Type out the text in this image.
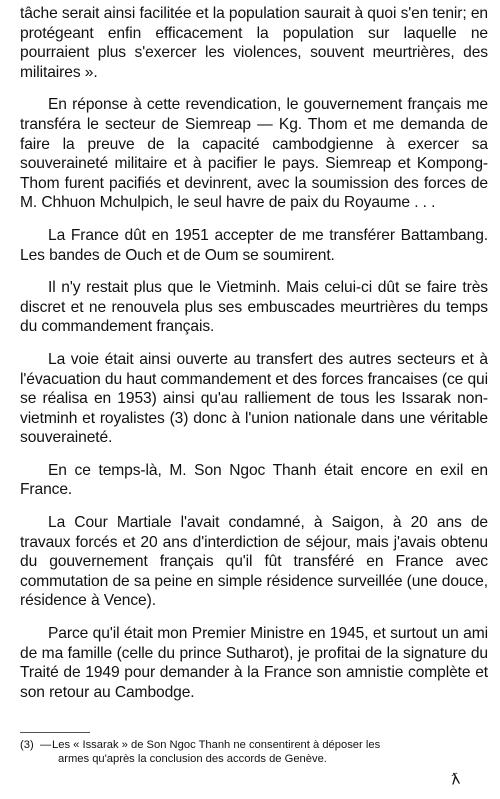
tâche serait ainsi facilitée et la population saurait à quoi s'en tenir; en protégeant enfin efficacement la population sur laquelle ne pourraient plus s'exercer les violences, souvent meurtrières, des militaires ».

En réponse à cette revendication, le gouvernement français me transféra le secteur de Siemreap — Kg. Thom et me demanda de faire la preuve de la capacité cambodgienne à exercer sa souveraineté militaire et à pacifier le pays. Siemreap et Kompong-Thom furent pacifiés et devinrent, avec la soumission des forces de M. Chhuon Mchulpich, le seul havre de paix du Royaume . . .

La France dût en 1951 accepter de me transférer Battambang. Les bandes de Ouch et de Oum se soumirent.

Il n'y restait plus que le Vietminh. Mais celui-ci dût se faire très discret et ne renouvela plus ses embuscades meurtrières du temps du commandement français.

La voie était ainsi ouverte au transfert des autres secteurs et à l'évacuation du haut commandement et des forces francaises (ce qui se réalisa en 1953) ainsi qu'au ralliement de tous les Issarak non-vietminh et royalistes (3) donc à l'union nationale dans une véritable souveraineté.

En ce temps-là, M. Son Ngoc Thanh était encore en exil en France.

La Cour Martiale l'avait condamné, à Saigon, à 20 ans de travaux forcés et 20 ans d'interdiction de séjour, mais j'avais obtenu du gouvernement français qu'il fût transféré en France avec commutation de sa peine en simple résidence surveillée (une douce, résidence à Vence).

Parce qu'il était mon Premier Ministre en 1945, et surtout un ami de ma famille (celle du prince Sutharot), je profitai de la signature du Traité de 1949 pour demander à la France son amnistie complète et son retour au Cambodge.

(3) —Les « Issarak » de Son Ngoc Thanh ne consentirent à déposer les
armes qu'après la conclusion des accords de Genève.
ƛ
